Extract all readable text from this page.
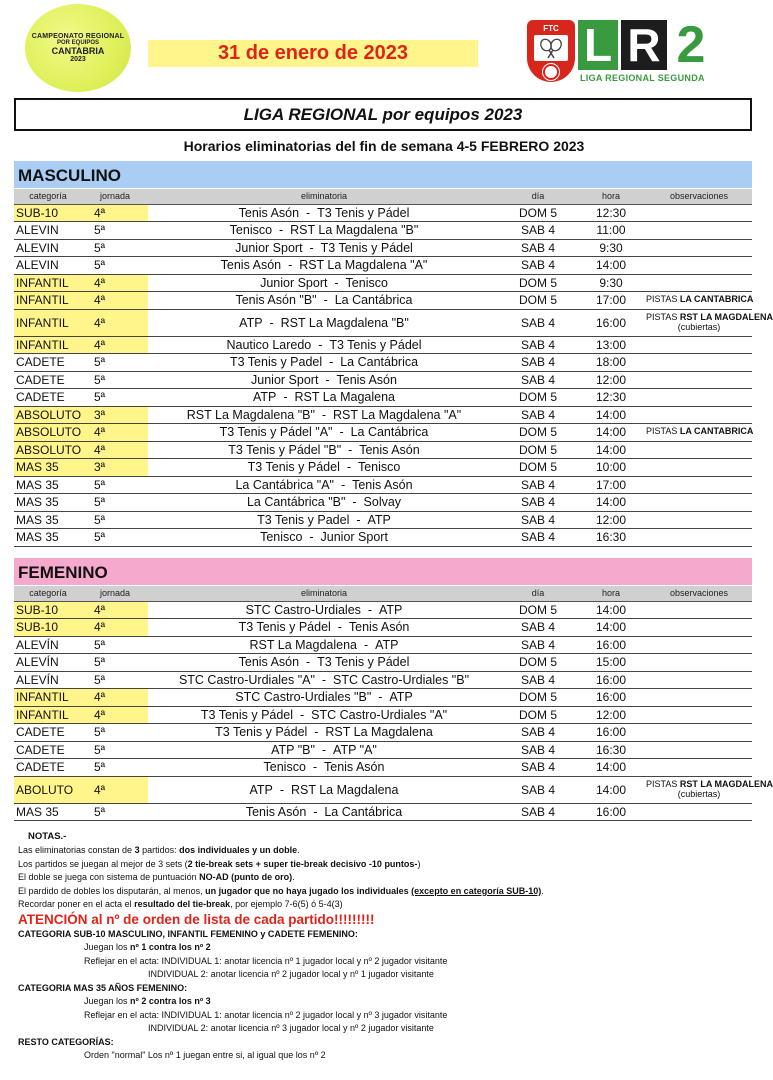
CAMPEONATO REGIONAL
POR EQUIPOS
CANTABRIA
2023	31 de enero de 2023
FTC L R 2
LIGA REGIONAL SEGUNDA
LIGA REGIONAL por equipos 2023
Horarios eliminatorias del fin de semana 4-5 FEBRERO 2023
MASCULINO
categoría	jornada	eliminatoria	día	hora	observaciones
SUB-10	4ª	Tenis Asón - T3 Tenis y Pádel	DOM 5	12:30	
ALEVIN	5ª	Tenisco - RST La Magdalena "B"	SAB 4	11:00	
ALEVIN	5ª	Junior Sport - T3 Tenis y Pádel	SAB 4	9:30	
ALEVIN	5ª	Tenis Asón - RST La Magdalena "A"	SAB 4	14:00	
INFANTIL	4ª	Junior Sport - Tenisco	DOM 5	9:30	
INFANTIL	4ª	Tenis Asón "B" - La Cantábrica	DOM 5	17:00	PISTAS LA CANTABRICA
INFANTIL	4ª	ATP - RST La Magdalena "B"	SAB 4	16:00	PISTAS RST LA MAGDALENA
(cubiertas)
INFANTIL	4ª	Nautico Laredo - T3 Tenis y Pádel	SAB 4	13:00	
CADETE	5ª	T3 Tenis y Padel - La Cantábrica	SAB 4	18:00	
CADETE	5ª	Junior Sport - Tenis Asón	SAB 4	12:00	
CADETE	5ª	ATP - RST La Magalena	DOM 5	12:30	
ABSOLUTO	3ª	RST La Magdalena "B" - RST La Magdalena "A"	SAB 4	14:00	
ABSOLUTO	4ª	T3 Tenis y Pádel "A" - La Cantábrica	DOM 5	14:00	PISTAS LA CANTABRICA
ABSOLUTO	4ª	T3 Tenis y Pádel "B" - Tenis Asón	DOM 5	14:00	
MAS 35	3ª	T3 Tenis y Pádel - Tenisco	DOM 5	10:00	
MAS 35	5ª	La Cantábrica "A" - Tenis Asón	SAB 4	17:00	
MAS 35	5ª	La Cantábrica "B" - Solvay	SAB 4	14:00	
MAS 35	5ª	T3 Tenis y Padel - ATP	SAB 4	12:00	
MAS 35	5ª	Tenisco - Junior Sport	SAB 4	16:30	
FEMENINO
categoría	jornada	eliminatoria	día	hora	observaciones
SUB-10	4ª	STC Castro-Urdiales - ATP	DOM 5	14:00	
SUB-10	4ª	T3 Tenis y Pádel - Tenis Asón	SAB 4	14:00	
ALEVÍN	5ª	RST La Magdalena - ATP	SAB 4	16:00	
ALEVÍN	5ª	Tenis Asón - T3 Tenis y Pádel	DOM 5	15:00	
ALEVÍN	5ª	STC Castro-Urdiales "A" - STC Castro-Urdiales "B"	SAB 4	16:00	
INFANTIL	4ª	STC Castro-Urdiales "B" - ATP	DOM 5	16:00	
INFANTIL	4ª	T3 Tenis y Pádel - STC Castro-Urdiales "A"	DOM 5	12:00	
CADETE	5ª	T3 Tenis y Pádel - RST La Magdalena	SAB 4	16:00	
CADETE	5ª	ATP "B" - ATP "A"	SAB 4	16:30	
CADETE	5ª	Tenisco - Tenis Asón	SAB 4	14:00	
ABOLUTO	4ª	ATP - RST La Magdalena	SAB 4	14:00	PISTAS RST LA MAGDALENA
(cubiertas)
MAS 35	5ª	Tenis Asón - La Cantábrica	SAB 4	16:00	
NOTAS.-
Las eliminatorias constan de 3 partidos: dos individuales y un doble.
Los partidos se juegan al mejor de 3 sets (2 tie-break sets + super tie-break decisivo -10 puntos-)
El doble se juega con sistema de puntuación NO-AD (punto de oro).
El pardido de dobles los disputarán, al menos, un jugador que no haya jugado los individuales (excepto en categoría SUB-10).
Recordar poner en el acta el resultado del tie-break, por ejemplo 7-6(5) ó 5-4(3)
ATENCIÓN al nº de orden de lista de cada partido!!!!!!!!!
CATEGORIA SUB-10 MASCULINO, INFANTIL FEMENINO y CADETE FEMENINO:
Juegan los nº 1 contra los nº 2
Reflejar en el acta: INDIVIDUAL 1: anotar licencia nº 1 jugador local y nº 2 jugador visitante
INDIVIDUAL 2: anotar licencia nº 2 jugador local y nº 1 jugador visitante
CATEGORIA MAS 35 AÑOS FEMENINO:
Juegan los nº 2 contra los nº 3
Reflejar en el acta: INDIVIDUAL 1: anotar licencia nº 2 jugador local y nº 3 jugador visitante
INDIVIDUAL 2: anotar licencia nº 3 jugador local y nº 2 jugador visitante
RESTO CATEGORÍAS:
Orden "normal" Los nº 1 juegan entre si, al igual que los nº 2
